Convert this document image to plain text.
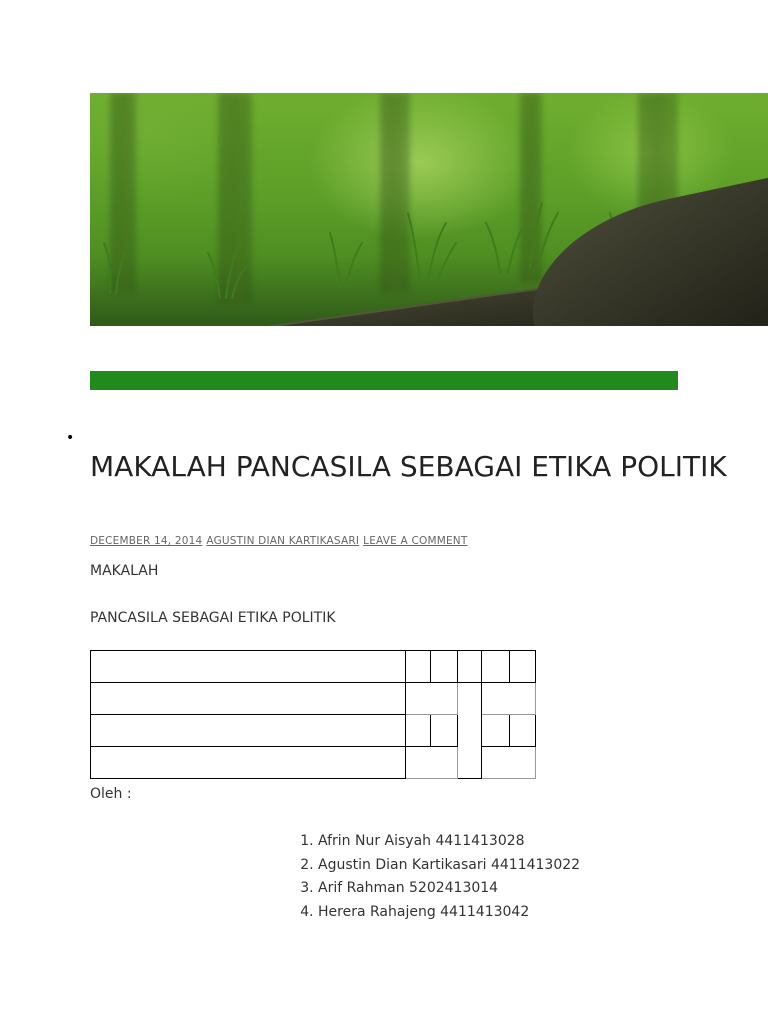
•
MAKALAH PANCASILA SEBAGAI ETIKA POLITIK
DECEMBER 14, 2014 AGUSTIN DIAN KARTIKASARI LEAVE A COMMENT

MAKALAH

PANCASILA SEBAGAI ETIKA POLITIK

Oleh :

1. Afrin Nur Aisyah 4411413028
2. Agustin Dian Kartikasari 4411413022
3. Arif Rahman 5202413014
4. Herera Rahajeng 4411413042
